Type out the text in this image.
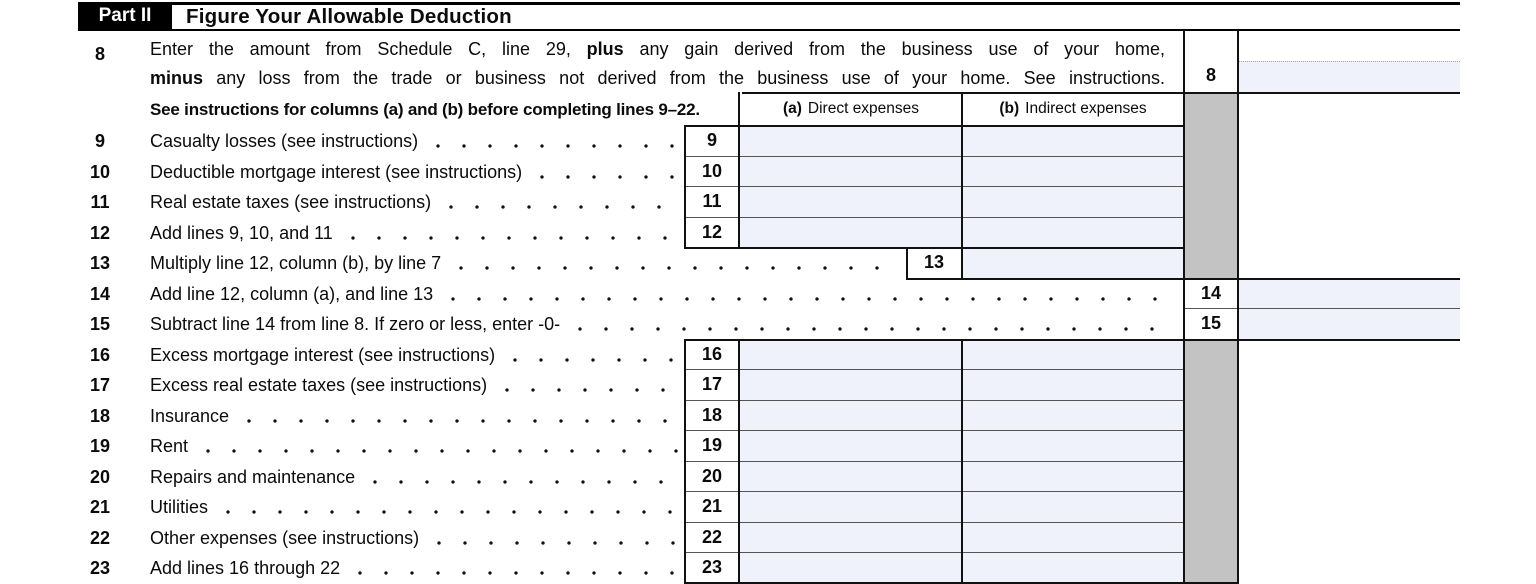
Part II	Figure Your Allowable Deduction
8	Enter the amount from Schedule C, line 29, plus any gain derived from the business use of your home,
minus any loss from the trade or business not derived from the business use of your home. See instructions.	8
See instructions for columns (a) and (b) before completing lines 9–22.	(a) Direct expenses	(b) Indirect expenses
9	Casualty losses (see instructions)	9
10	Deductible mortgage interest (see instructions)	10
11	Real estate taxes (see instructions)	11
12	Add lines 9, 10, and 11	12
13	Multiply line 12, column (b), by line 7	13
14	Add line 12, column (a), and line 13	14
15	Subtract line 14 from line 8. If zero or less, enter -0-	15
16	Excess mortgage interest (see instructions)	16
17	Excess real estate taxes (see instructions)	17
18	Insurance	18
19	Rent	19
20	Repairs and maintenance	20
21	Utilities	21
22	Other expenses (see instructions)	22
23	Add lines 16 through 22	23
